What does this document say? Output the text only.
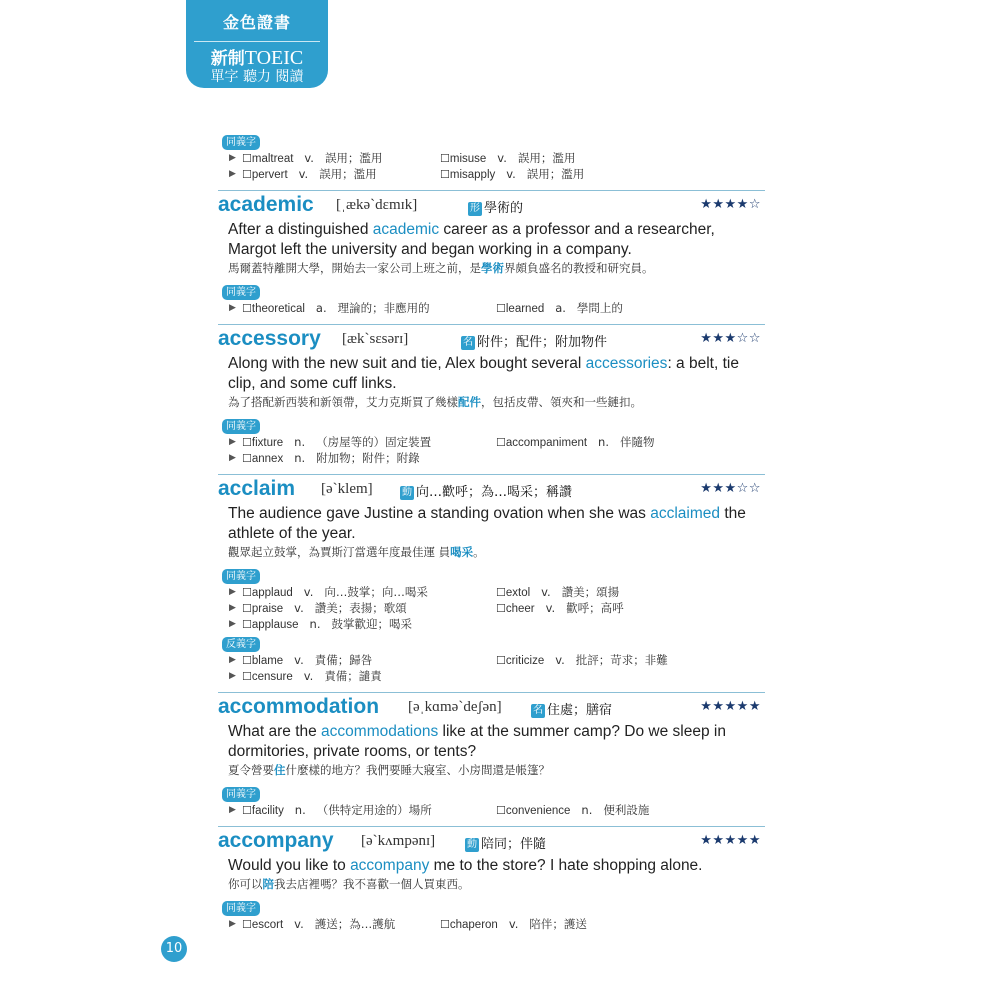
金色證書
新制TOEIC
單字 聽力 閱讀
同義字
▶ ☐maltreat v. 誤用；濫用	☐misuse v. 誤用；濫用
▶ ☐pervert v. 誤用；濫用	☐misapply v. 誤用；濫用
academic [ˌækəˋdɛmɪk]	形 學術的	★★★★☆
After a distinguished academic career as a professor and a researcher, Margot left the university and began working in a company.
馬爾蓋特離開大學，開始去一家公司上班之前，是學術界頗負盛名的教授和研究員。
同義字
▶ ☐theoretical a. 理論的；非應用的	☐learned a. 學問上的
accessory [ækˋsɛsərɪ]	名 附件；配件；附加物件	★★★☆☆
Along with the new suit and tie, Alex bought several accessories: a belt, tie clip, and some cuff links.
為了搭配新西裝和新領帶，艾力克斯買了幾樣配件，包括皮帶、領夾和一些鏈扣。
同義字
▶ ☐fixture n. （房屋等的）固定裝置	☐accompaniment n. 伴隨物
▶ ☐annex n. 附加物；附件；附錄
acclaim [əˋklem]	動 向…歡呼；為…喝采；稱讚	★★★☆☆
The audience gave Justine a standing ovation when she was acclaimed the athlete of the year.
觀眾起立鼓掌，為賈斯汀當選年度最佳運 員喝采。
同義字
▶ ☐applaud v. 向…鼓掌；向…喝采	☐extol v. 讚美；頌揚
▶ ☐praise v. 讚美；表揚；歌頌	☐cheer v. 歡呼；高呼
▶ ☐applause n. 鼓掌歡迎；喝采
反義字
▶ ☐blame v. 責備；歸咎	☐criticize v. 批評；苛求；非難
▶ ☐censure v. 責備；譴責
accommodation [əˌkɑməˋdeʃən]	名 住處；膳宿	★★★★★
What are the accommodations like at the summer camp? Do we sleep in dormitories, private rooms, or tents?
夏令營要住什麼樣的地方？我們要睡大寢室、小房間還是帳篷？
同義字
▶ ☐facility n. （供特定用途的）場所	☐convenience n. 便利設施
accompany [əˋkʌmpənɪ]	動 陪同；伴隨	★★★★★
Would you like to accompany me to the store? I hate shopping alone.
你可以陪我去店裡嗎？我不喜歡一個人買東西。
同義字
▶ ☐escort v. 護送；為…護航	☐chaperon v. 陪伴；護送
10
